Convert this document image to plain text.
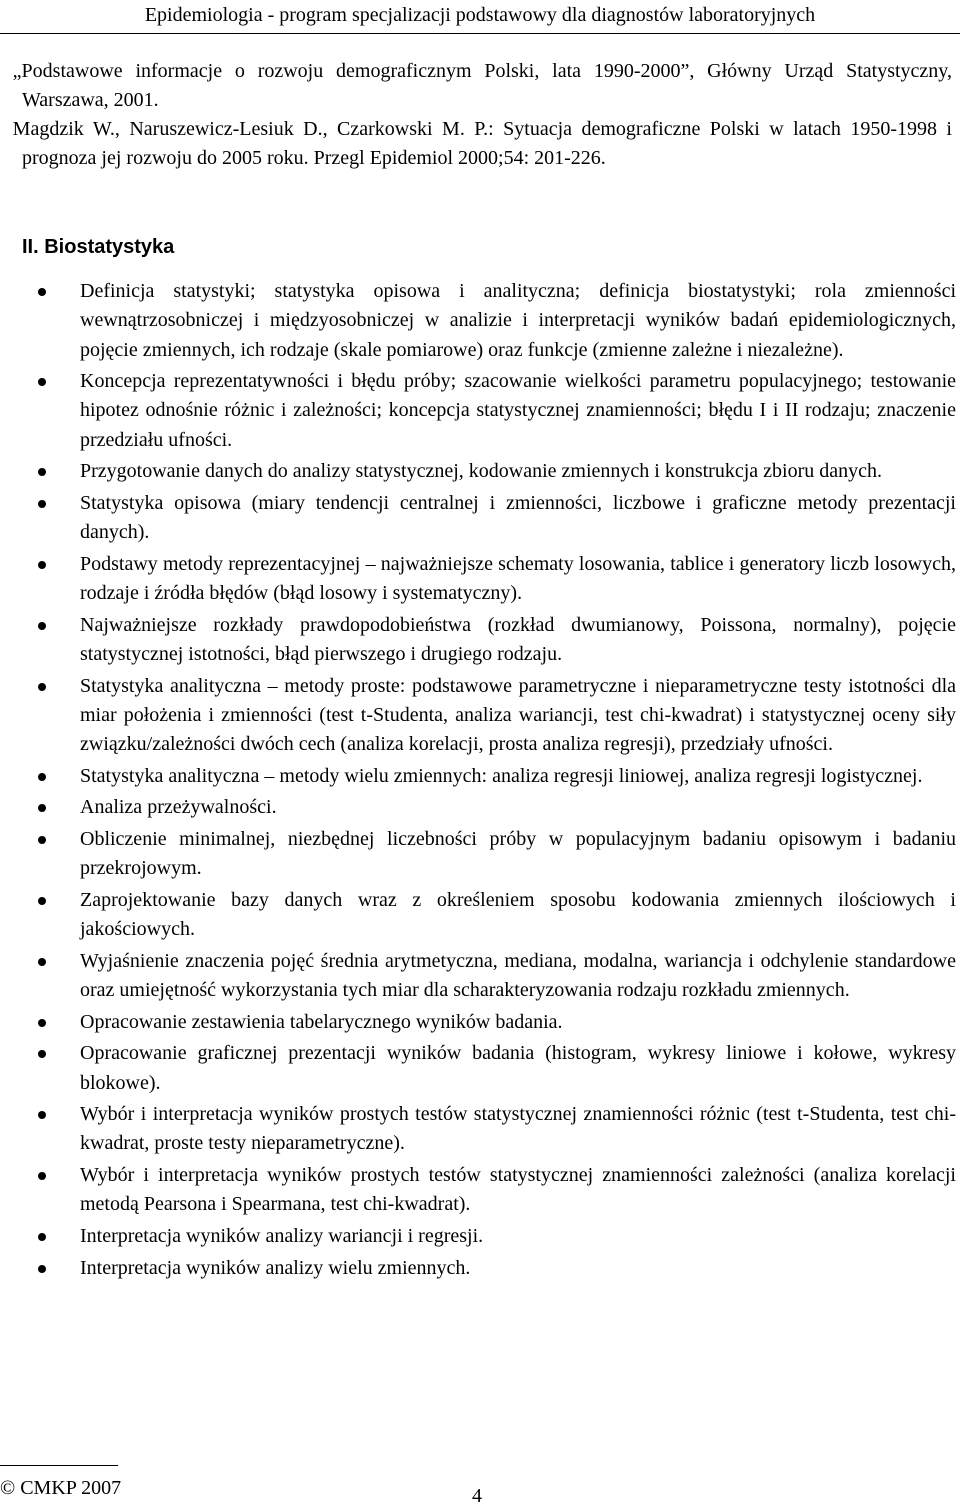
Epidemiologia - program specjalizacji podstawowy dla diagnostów laboratoryjnych
„Podstawowe informacje o rozwoju demograficznym Polski, lata 1990-2000”, Główny Urząd Statystyczny, Warszawa, 2001.
Magdzik W., Naruszewicz-Lesiuk D., Czarkowski M. P.: Sytuacja demograficzne Polski w latach 1950-1998 i prognoza jej rozwoju do 2005 roku. Przegl Epidemiol 2000;54: 201-226.
II. Biostatystyka
Definicja statystyki; statystyka opisowa i analityczna; definicja biostatystyki; rola zmienności wewnątrzosobniczej i międzyosobniczej w analizie i interpretacji wyników badań epidemiologicznych, pojęcie zmiennych, ich rodzaje (skale pomiarowe) oraz funkcje (zmienne zależne i niezależne).
Koncepcja reprezentatywności i błędu próby; szacowanie wielkości parametru populacyjnego; testowanie hipotez odnośnie różnic i zależności; koncepcja statystycznej znamienności; błędu I i II rodzaju; znaczenie przedziału ufności.
Przygotowanie danych do analizy statystycznej, kodowanie zmiennych i konstrukcja zbioru danych.
Statystyka opisowa (miary tendencji centralnej i zmienności, liczbowe i graficzne metody prezentacji danych).
Podstawy metody reprezentacyjnej – najważniejsze schematy losowania, tablice i generatory liczb losowych, rodzaje i źródła błędów (błąd losowy i systematyczny).
Najważniejsze rozkłady prawdopodobieństwa (rozkład dwumianowy, Poissona, normalny), pojęcie statystycznej istotności, błąd pierwszego i drugiego rodzaju.
Statystyka analityczna – metody proste: podstawowe parametryczne i nieparametryczne testy istotności dla miar położenia i zmienności (test t-Studenta, analiza wariancji, test chi-kwadrat) i statystycznej oceny siły związku/zależności dwóch cech (analiza korelacji, prosta analiza regresji), przedziały ufności.
Statystyka analityczna – metody wielu zmiennych: analiza regresji liniowej, analiza regresji logistycznej.
Analiza przeżywalności.
Obliczenie minimalnej, niezbędnej liczebności próby w populacyjnym badaniu opisowym i badaniu przekrojowym.
Zaprojektowanie bazy danych wraz z określeniem sposobu kodowania zmiennych ilościowych i jakościowych.
Wyjaśnienie znaczenia pojęć średnia arytmetyczna, mediana, modalna, wariancja i odchylenie standardowe oraz umiejętność wykorzystania tych miar dla scharakteryzowania rodzaju rozkładu zmiennych.
Opracowanie zestawienia tabelarycznego wyników badania.
Opracowanie graficznej prezentacji wyników badania (histogram, wykresy liniowe i kołowe, wykresy blokowe).
Wybór i interpretacja wyników prostych testów statystycznej znamienności różnic (test t-Studenta, test chi-kwadrat, proste testy nieparametryczne).
Wybór i interpretacja wyników prostych testów statystycznej znamienności zależności (analiza korelacji metodą Pearsona i Spearmana, test chi-kwadrat).
Interpretacja wyników analizy wariancji i regresji.
Interpretacja wyników analizy wielu zmiennych.
© CMKP 2007	4
